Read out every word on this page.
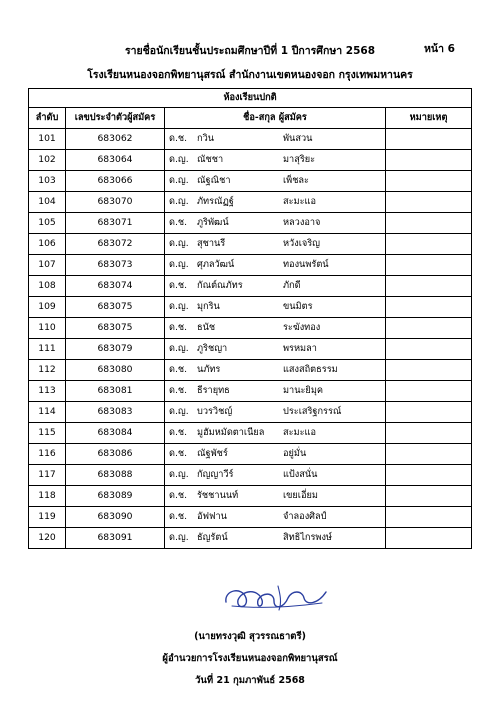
รายชื่อนักเรียนชั้นประถมศึกษาปีที่ 1 ปีการศึกษา 2568	หน้า 6
โรงเรียนหนองจอกพิทยานุสรณ์ สำนักงานเขตหนองจอก กรุงเทพมหานคร
ห้องเรียนปกติ			
ลำดับ	เลขประจำตัวผู้สมัคร	ชื่อ-สกุล ผู้สมัคร	หมายเหตุ
101	683062	ด.ช. กวิน พันสวน	
102	683064	ด.ญ. ณัชชา มาสุริยะ	
103	683066	ด.ญ. ณัฐณิชา เพ็ชละ	
104	683070	ด.ญ. ภัทรณัฏฐ์ สะมะแอ	
105	683071	ด.ช. ภูริพัฒน์ หลวงอาจ	
106	683072	ด.ญ. สุชานรี หวังเจริญ	
107	683073	ด.ญ. ศุภลวัฒน์ ทองนพรัตน์	
108	683074	ด.ช. กัณต์ณภัทร ภักดี	
109	683075	ด.ญ. มุกริน ขนมิตร	
110	683075	ด.ช. ธนัช ระฆังทอง	
111	683079	ด.ญ. ภูริชญา พรหมลา	
112	683080	ด.ช. นภัทร แสงสถิตธรรม	
113	683081	ด.ช. ธีรายุทธ มานะยิมุค	
114	683083	ด.ญ. บวรวิชญ์ ประเสริฐกรรณ์	
115	683084	ด.ช. มูฮัมหมัดตาเนียล สะมะแอ	
116	683086	ด.ช. ณัฐพัชร์ อยู่มั่น	
117	683088	ด.ญ. กัญญาวีร์ แป้งสนั่น	
118	683089	ด.ช. รัชชานนท์ เขยเอี่ยม	
119	683090	ด.ช. อัฟฟาน จำลองศิลป์	
120	683091	ด.ญ. ธัญรัตน์ สิทธิไกรพงษ์	
(นายทรงวุฒิ สุวรรณธาตรี)
ผู้อำนวยการโรงเรียนหนองจอกพิทยานุสรณ์
วันที่ 21 กุมภาพันธ์ 2568
